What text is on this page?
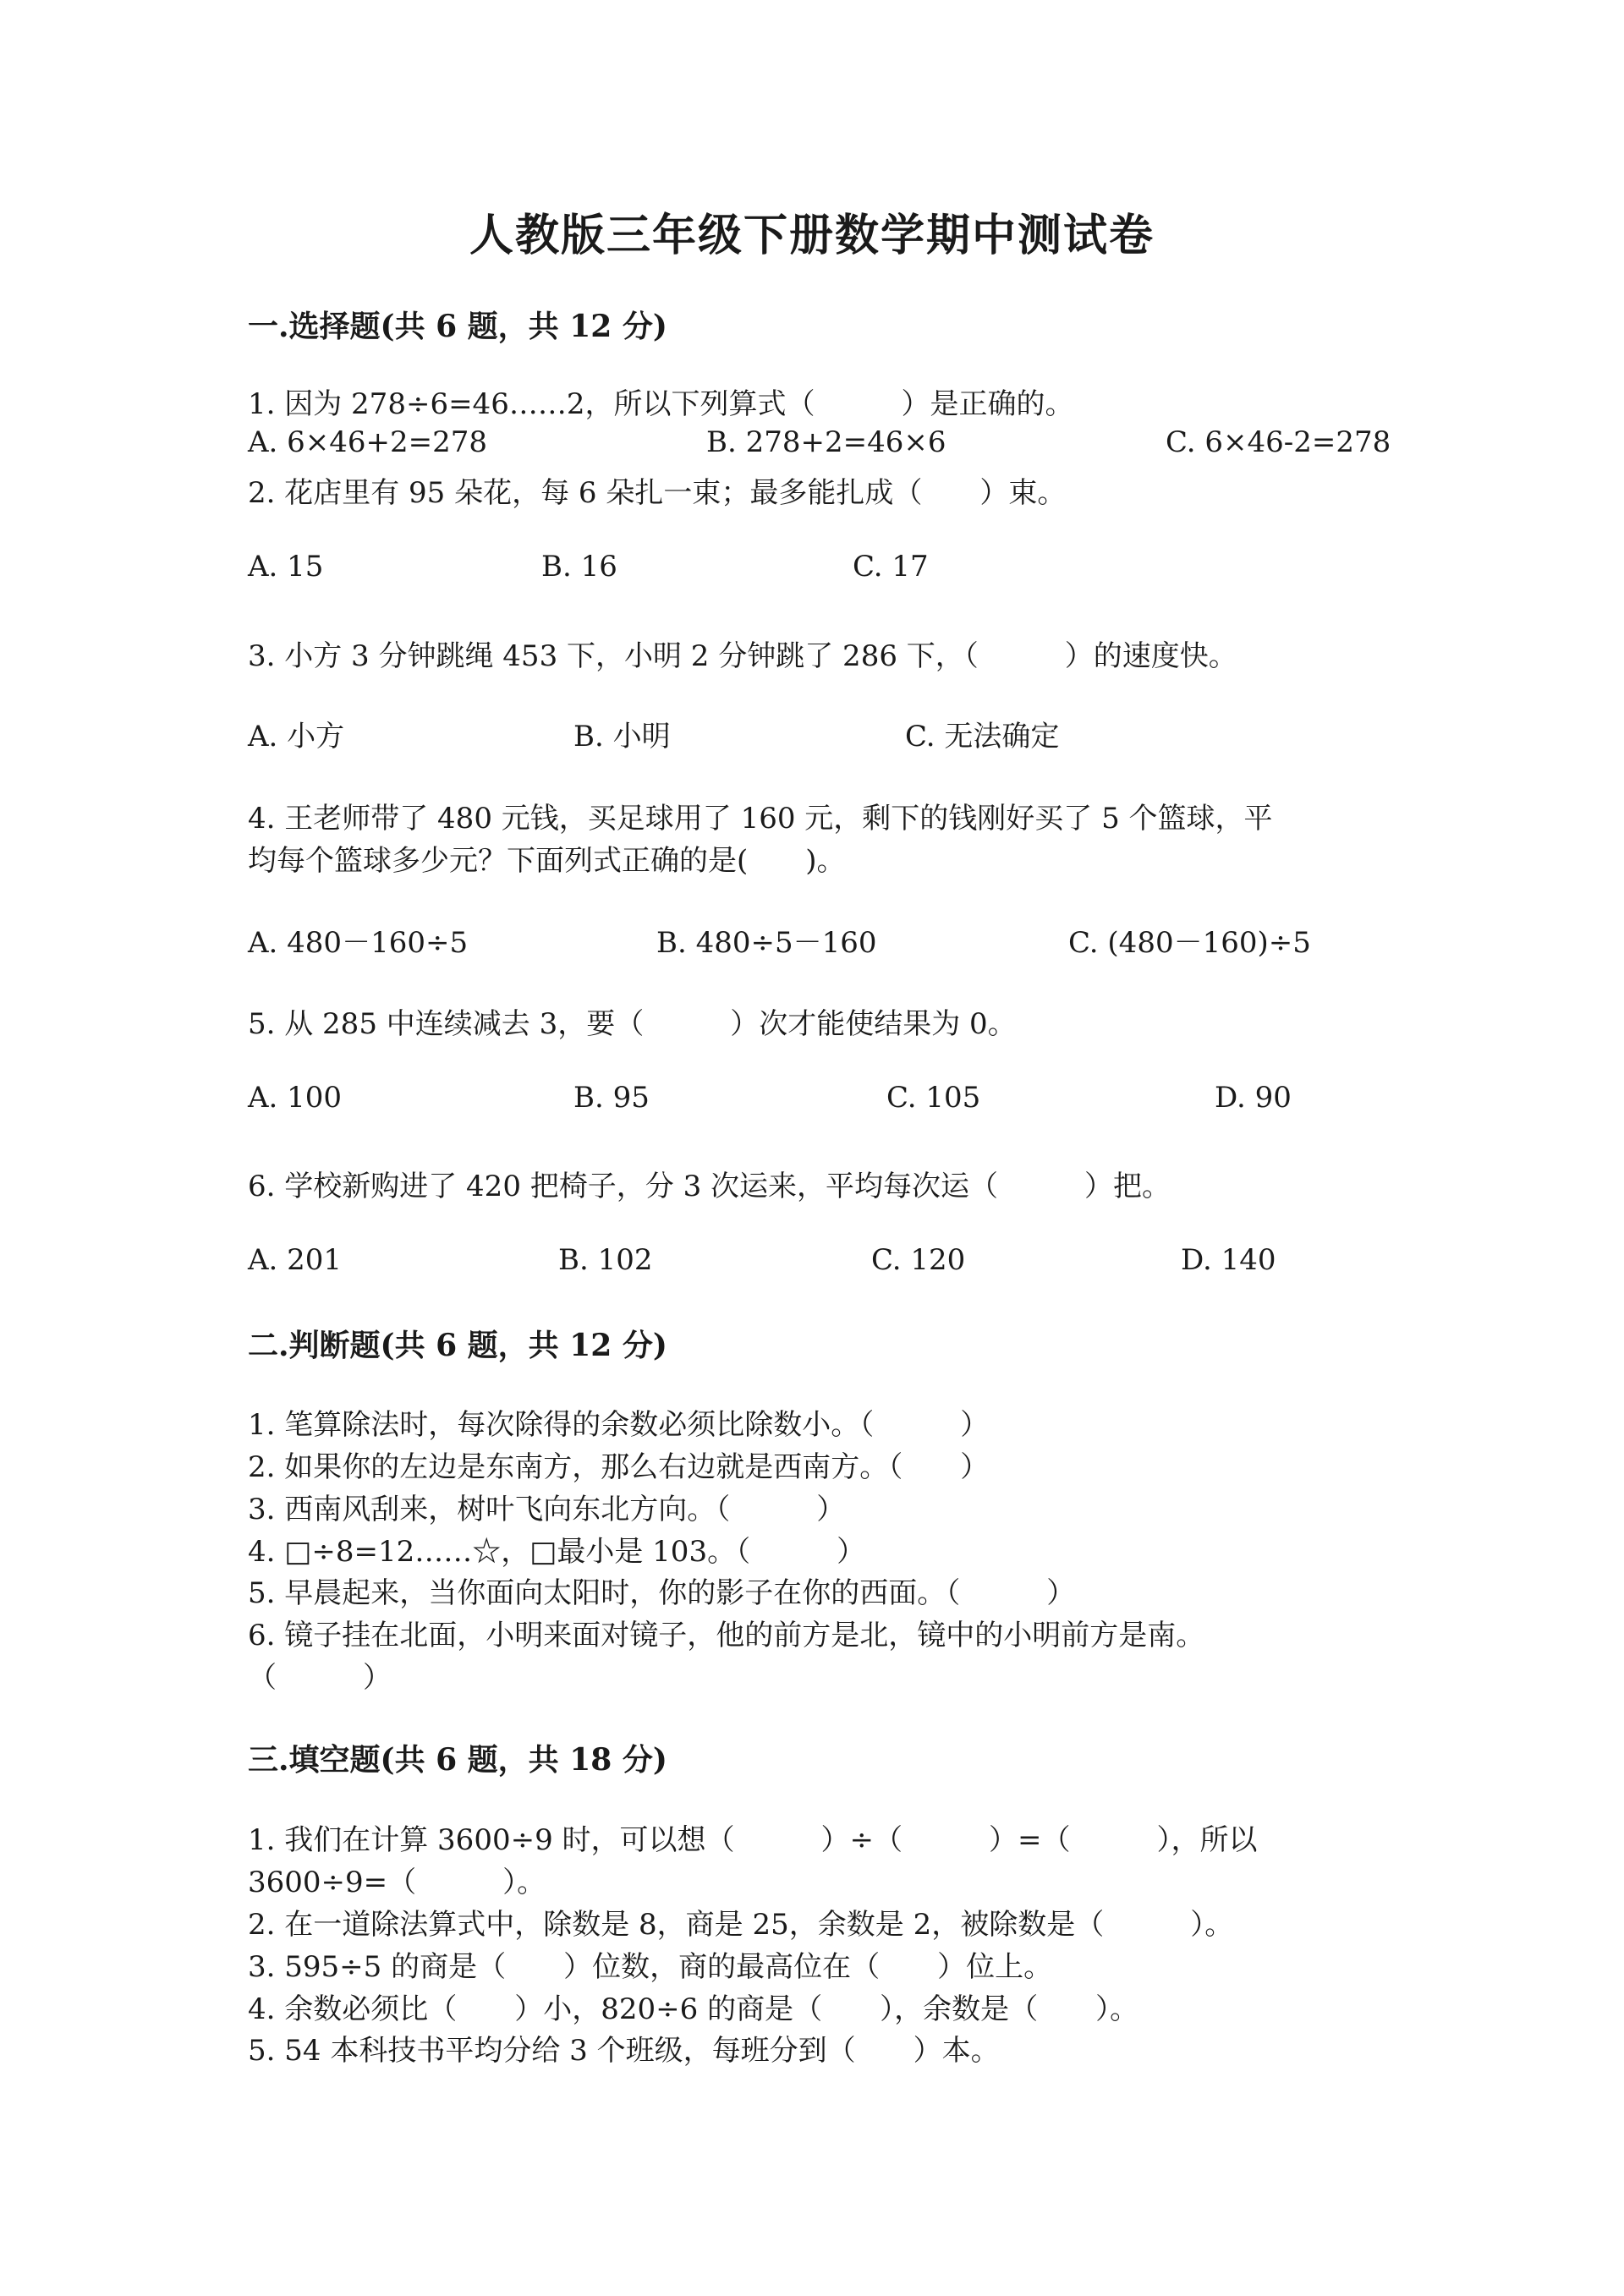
人教版三年级下册数学期中测试卷
一.选择题(共 6 题，共 12 分)
1. 因为 278÷6=46……2，所以下列算式（　　　）是正确的。
A. 6×46+2=278	B. 278+2=46×6	C. 6×46-2=278
2. 花店里有 95 朵花，每 6 朵扎一束；最多能扎成（　　）束。
A. 15	B. 16	C. 17
3. 小方 3 分钟跳绳 453 下，小明 2 分钟跳了 286 下，（　　　）的速度快。
A. 小方	B. 小明	C. 无法确定
4. 王老师带了 480 元钱，买足球用了 160 元，剩下的钱刚好买了 5 个篮球，平
均每个篮球多少元？下面列式正确的是(　　)。
A. 480－160÷5	B. 480÷5－160	C. (480－160)÷5
5. 从 285 中连续减去 3，要（　　　）次才能使结果为 0。
A. 100	B. 95	C. 105	D. 90
6. 学校新购进了 420 把椅子，分 3 次运来，平均每次运（　　　）把。
A. 201	B. 102	C. 120	D. 140
二.判断题(共 6 题，共 12 分)
1. 笔算除法时，每次除得的余数必须比除数小。（　　　）
2. 如果你的左边是东南方，那么右边就是西南方。（　　）
3. 西南风刮来，树叶飞向东北方向。（　　　）
4. □÷8=12……☆，□最小是 103。（　　　）
5. 早晨起来，当你面向太阳时，你的影子在你的西面。（　　　）
6. 镜子挂在北面，小明来面对镜子，他的前方是北，镜中的小明前方是南。
（　　　）
三.填空题(共 6 题，共 18 分)
1. 我们在计算 3600÷9 时，可以想（　　　）÷（　　　）=（　　　），所以
3600÷9=（　　　）。
2. 在一道除法算式中，除数是 8，商是 25，余数是 2，被除数是（　　　）。
3. 595÷5 的商是（　　）位数，商的最高位在（　　）位上。
4. 余数必须比（　　）小，820÷6 的商是（　　），余数是（　　）。
5. 54 本科技书平均分给 3 个班级，每班分到（　　）本。
